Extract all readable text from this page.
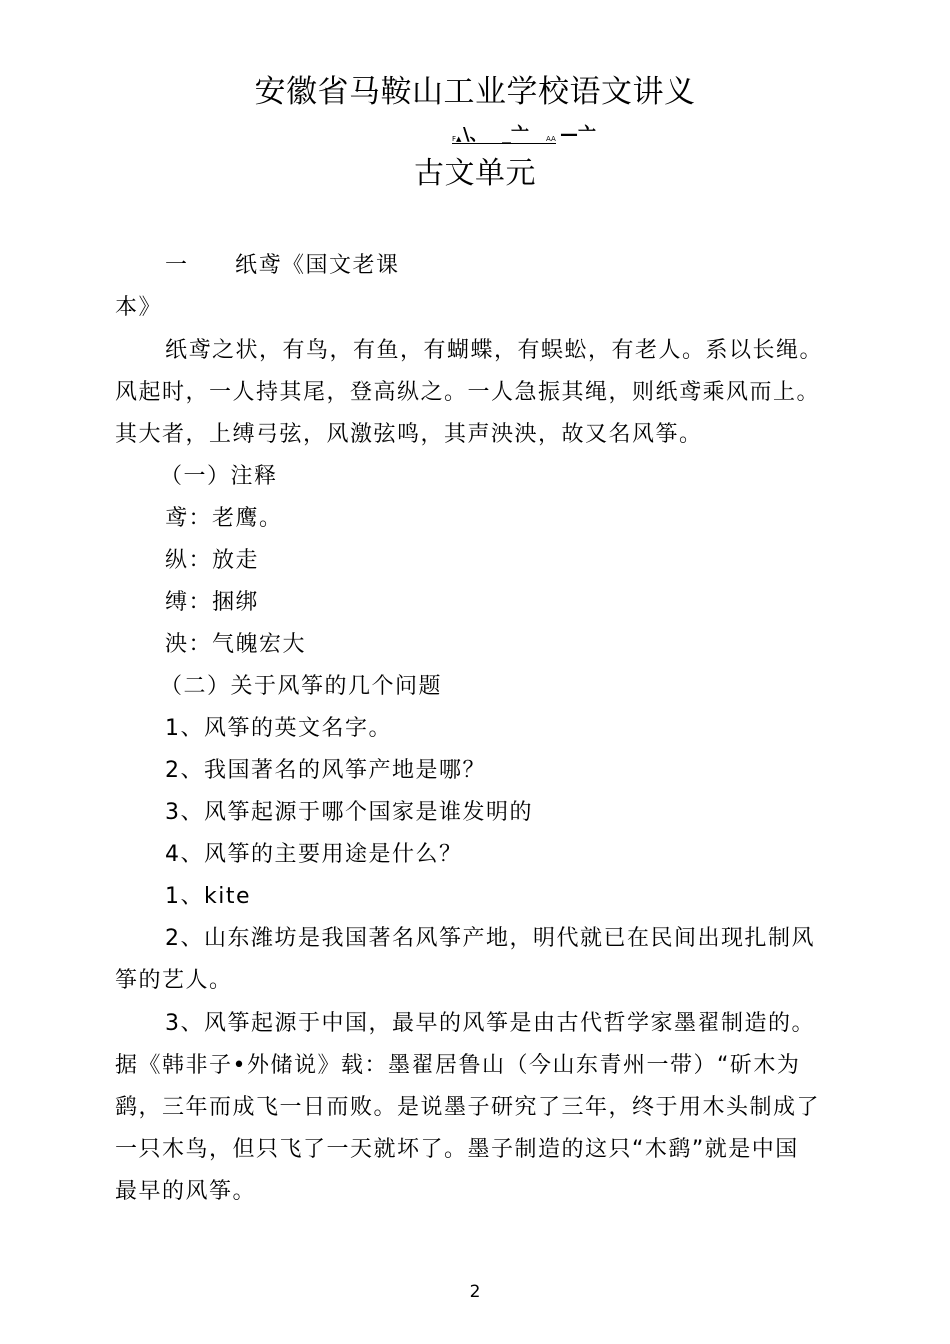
安徽省马鞍山工业学校语文讲义
F▲ \、 _亠 AA —亠
古文单元
一 纸鸢《国文老课
本》
纸鸢之状，有鸟，有鱼，有蝴蝶，有蜈蚣，有老人。系以长绳。
风起时，一人持其尾，登高纵之。一人急振其绳，则纸鸢乘风而上。
其大者，上缚弓弦，风激弦鸣，其声泱泱，故又名风筝。
（一）注释
鸢：老鹰。
纵：放走
缚：捆绑
泱：气魄宏大
（二）关于风筝的几个问题
1、风筝的英文名字。
2、我国著名的风筝产地是哪？
3、风筝起源于哪个国家是谁发明的
4、风筝的主要用途是什么？
1、kite
2、山东潍坊是我国著名风筝产地，明代就已在民间出现扎制风
筝的艺人。
3、风筝起源于中国，最早的风筝是由古代哲学家墨翟制造的。
据《韩非子•外储说》载：墨翟居鲁山（今山东青州一带）“斫木为
鹞，三年而成飞一日而败。是说墨子研究了三年，终于用木头制成了
一只木鸟，但只飞了一天就坏了。墨子制造的这只“木鹞”就是中国
最早的风筝。
2
